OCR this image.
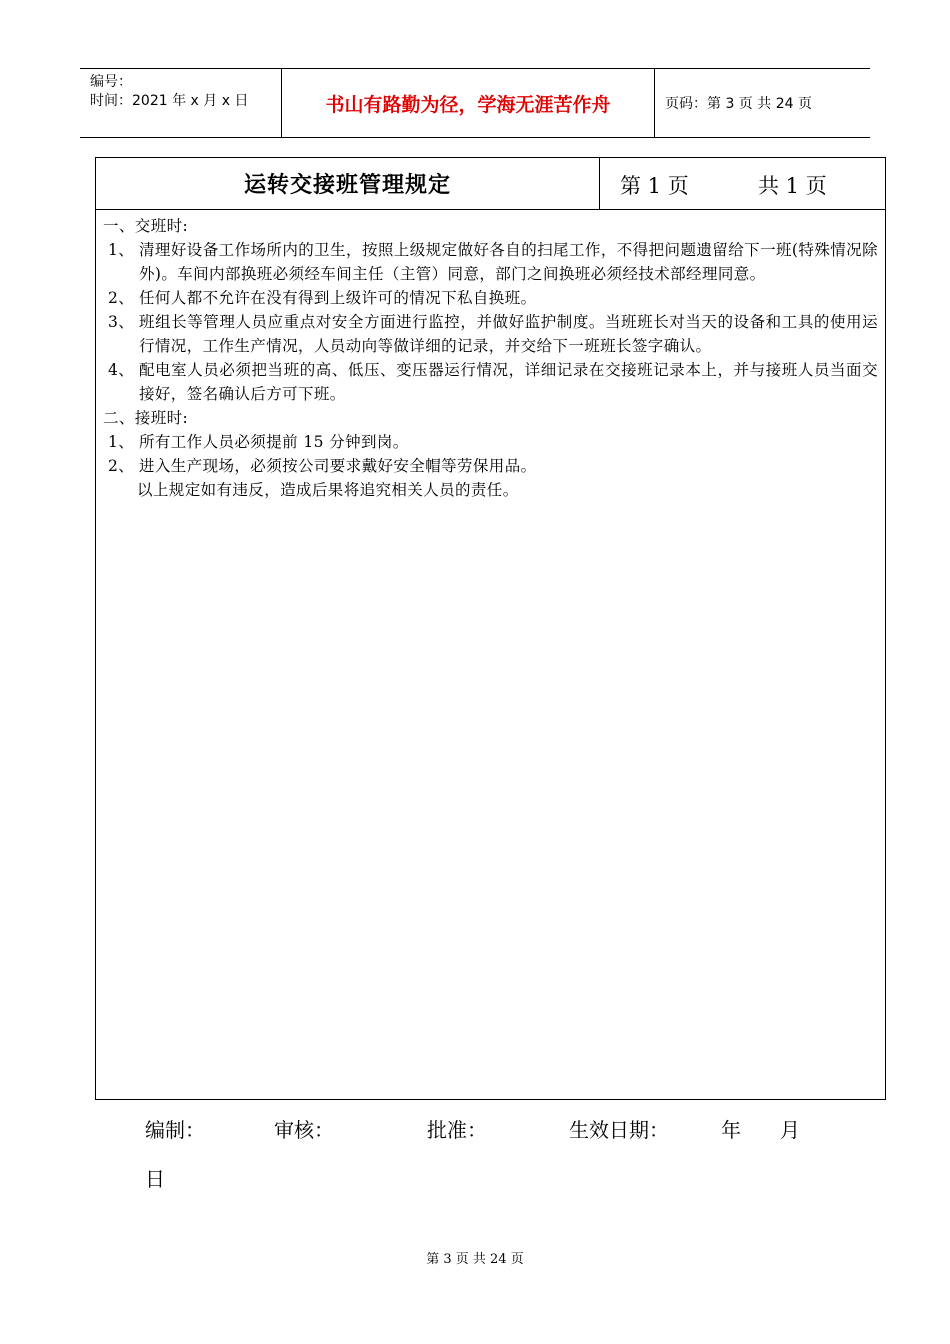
编号：
时间：2021 年 x 月 x 日	书山有路勤为径，学海无涯苦作舟	页码：第 3 页 共 24 页
运转交接班管理规定	第 1 页	共 1 页

一、交班时:

1、 清理好设备工作场所内的卫生，按照上级规定做好各自的扫尾工作，不得把问题遗留给下一班(特殊情况除外)。车间内部换班必须经车间主任（主管）同意，部门之间换班必须经技术部经理同意。
2、 任何人都不允许在没有得到上级许可的情况下私自换班。
3、 班组长等管理人员应重点对安全方面进行监控，并做好监护制度。当班班长对当天的设备和工具的使用运行情况，工作生产情况，人员动向等做详细的记录，并交给下一班班长签字确认。
4、 配电室人员必须把当班的高、低压、变压器运行情况，详细记录在交接班记录本上，并与接班人员当面交接好，签名确认后方可下班。

二、接班时:

1、 所有工作人员必须提前 15 分钟到岗。
2、 进入生产现场，必须按公司要求戴好安全帽等劳保用品。

以上规定如有违反，造成后果将追究相关人员的责任。

编制：	审核：	批准：	生效日期：	年 月
日
第 3 页 共 24 页
